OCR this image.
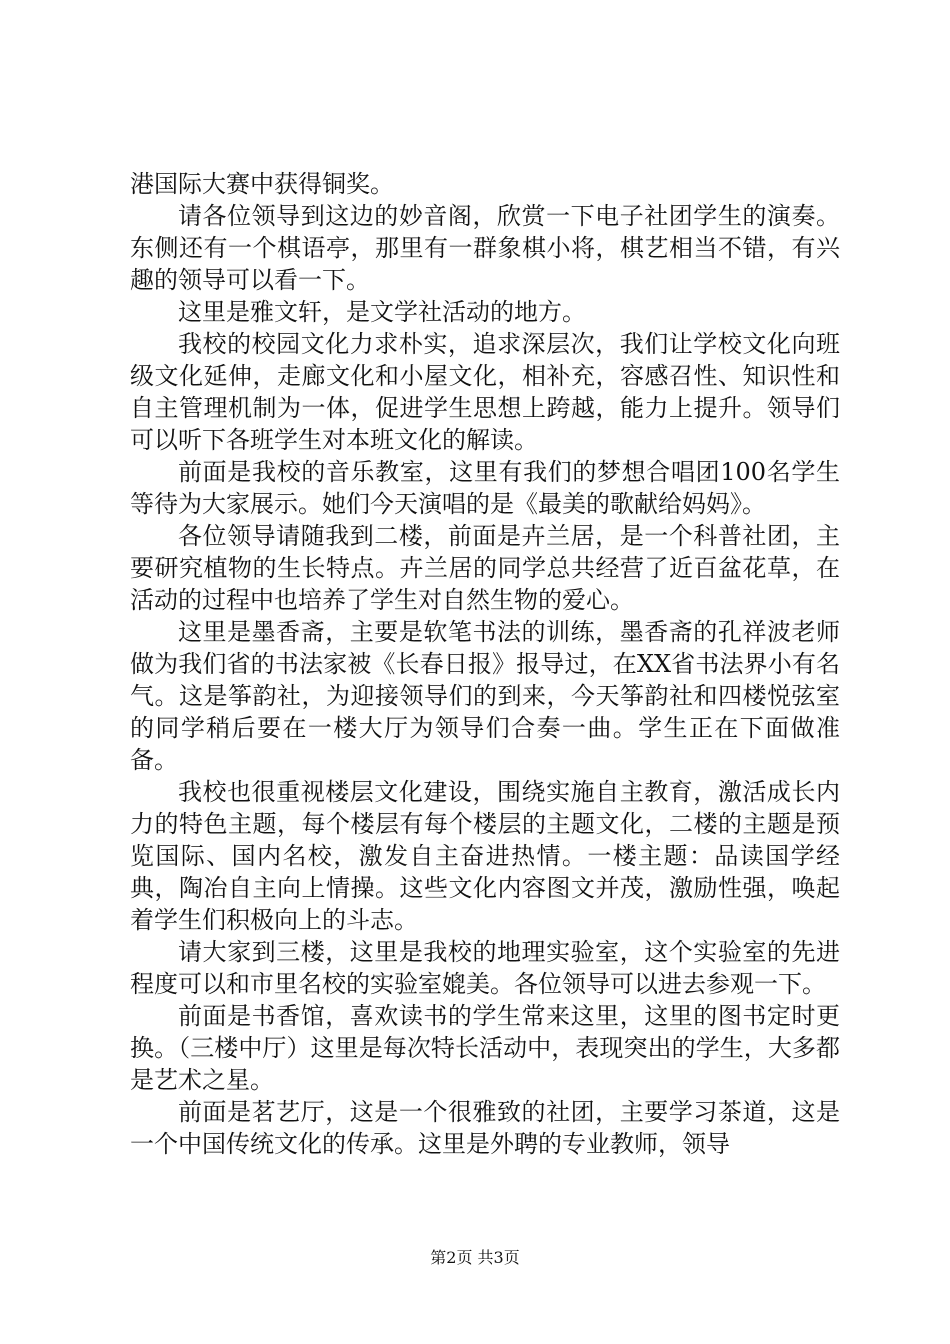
港国际大赛中获得铜奖。

请各位领导到这边的妙音阁，欣赏一下电子社团学生的演奏。东侧还有一个棋语亭，那里有一群象棋小将，棋艺相当不错，有兴趣的领导可以看一下。

这里是雅文轩，是文学社活动的地方。

我校的校园文化力求朴实，追求深层次，我们让学校文化向班级文化延伸，走廊文化和小屋文化，相补充，容感召性、知识性和自主管理机制为一体，促进学生思想上跨越，能力上提升。领导们可以听下各班学生对本班文化的解读。

前面是我校的音乐教室，这里有我们的梦想合唱团100名学生等待为大家展示。她们今天演唱的是《最美的歌献给妈妈》。

各位领导请随我到二楼，前面是卉兰居，是一个科普社团，主要研究植物的生长特点。卉兰居的同学总共经营了近百盆花草，在活动的过程中也培养了学生对自然生物的爱心。

这里是墨香斋，主要是软笔书法的训练，墨香斋的孔祥波老师做为我们省的书法家被《长春日报》报导过，在XX省书法界小有名气。这是筝韵社，为迎接领导们的到来，今天筝韵社和四楼悦弦室的同学稍后要在一楼大厅为领导们合奏一曲。学生正在下面做准备。

我校也很重视楼层文化建设，围绕实施自主教育，激活成长内力的特色主题，每个楼层有每个楼层的主题文化，二楼的主题是预览国际、国内名校，激发自主奋进热情。一楼主题：品读国学经典，陶冶自主向上情操。这些文化内容图文并茂，激励性强，唤起着学生们积极向上的斗志。

请大家到三楼，这里是我校的地理实验室，这个实验室的先进程度可以和市里名校的实验室媲美。各位领导可以进去参观一下。

前面是书香馆，喜欢读书的学生常来这里，这里的图书定时更换。（三楼中厅）这里是每次特长活动中，表现突出的学生，大多都是艺术之星。

前面是茗艺厅，这是一个很雅致的社团，主要学习茶道，这是一个中国传统文化的传承。这里是外聘的专业教师，领导

第2页 共3页
